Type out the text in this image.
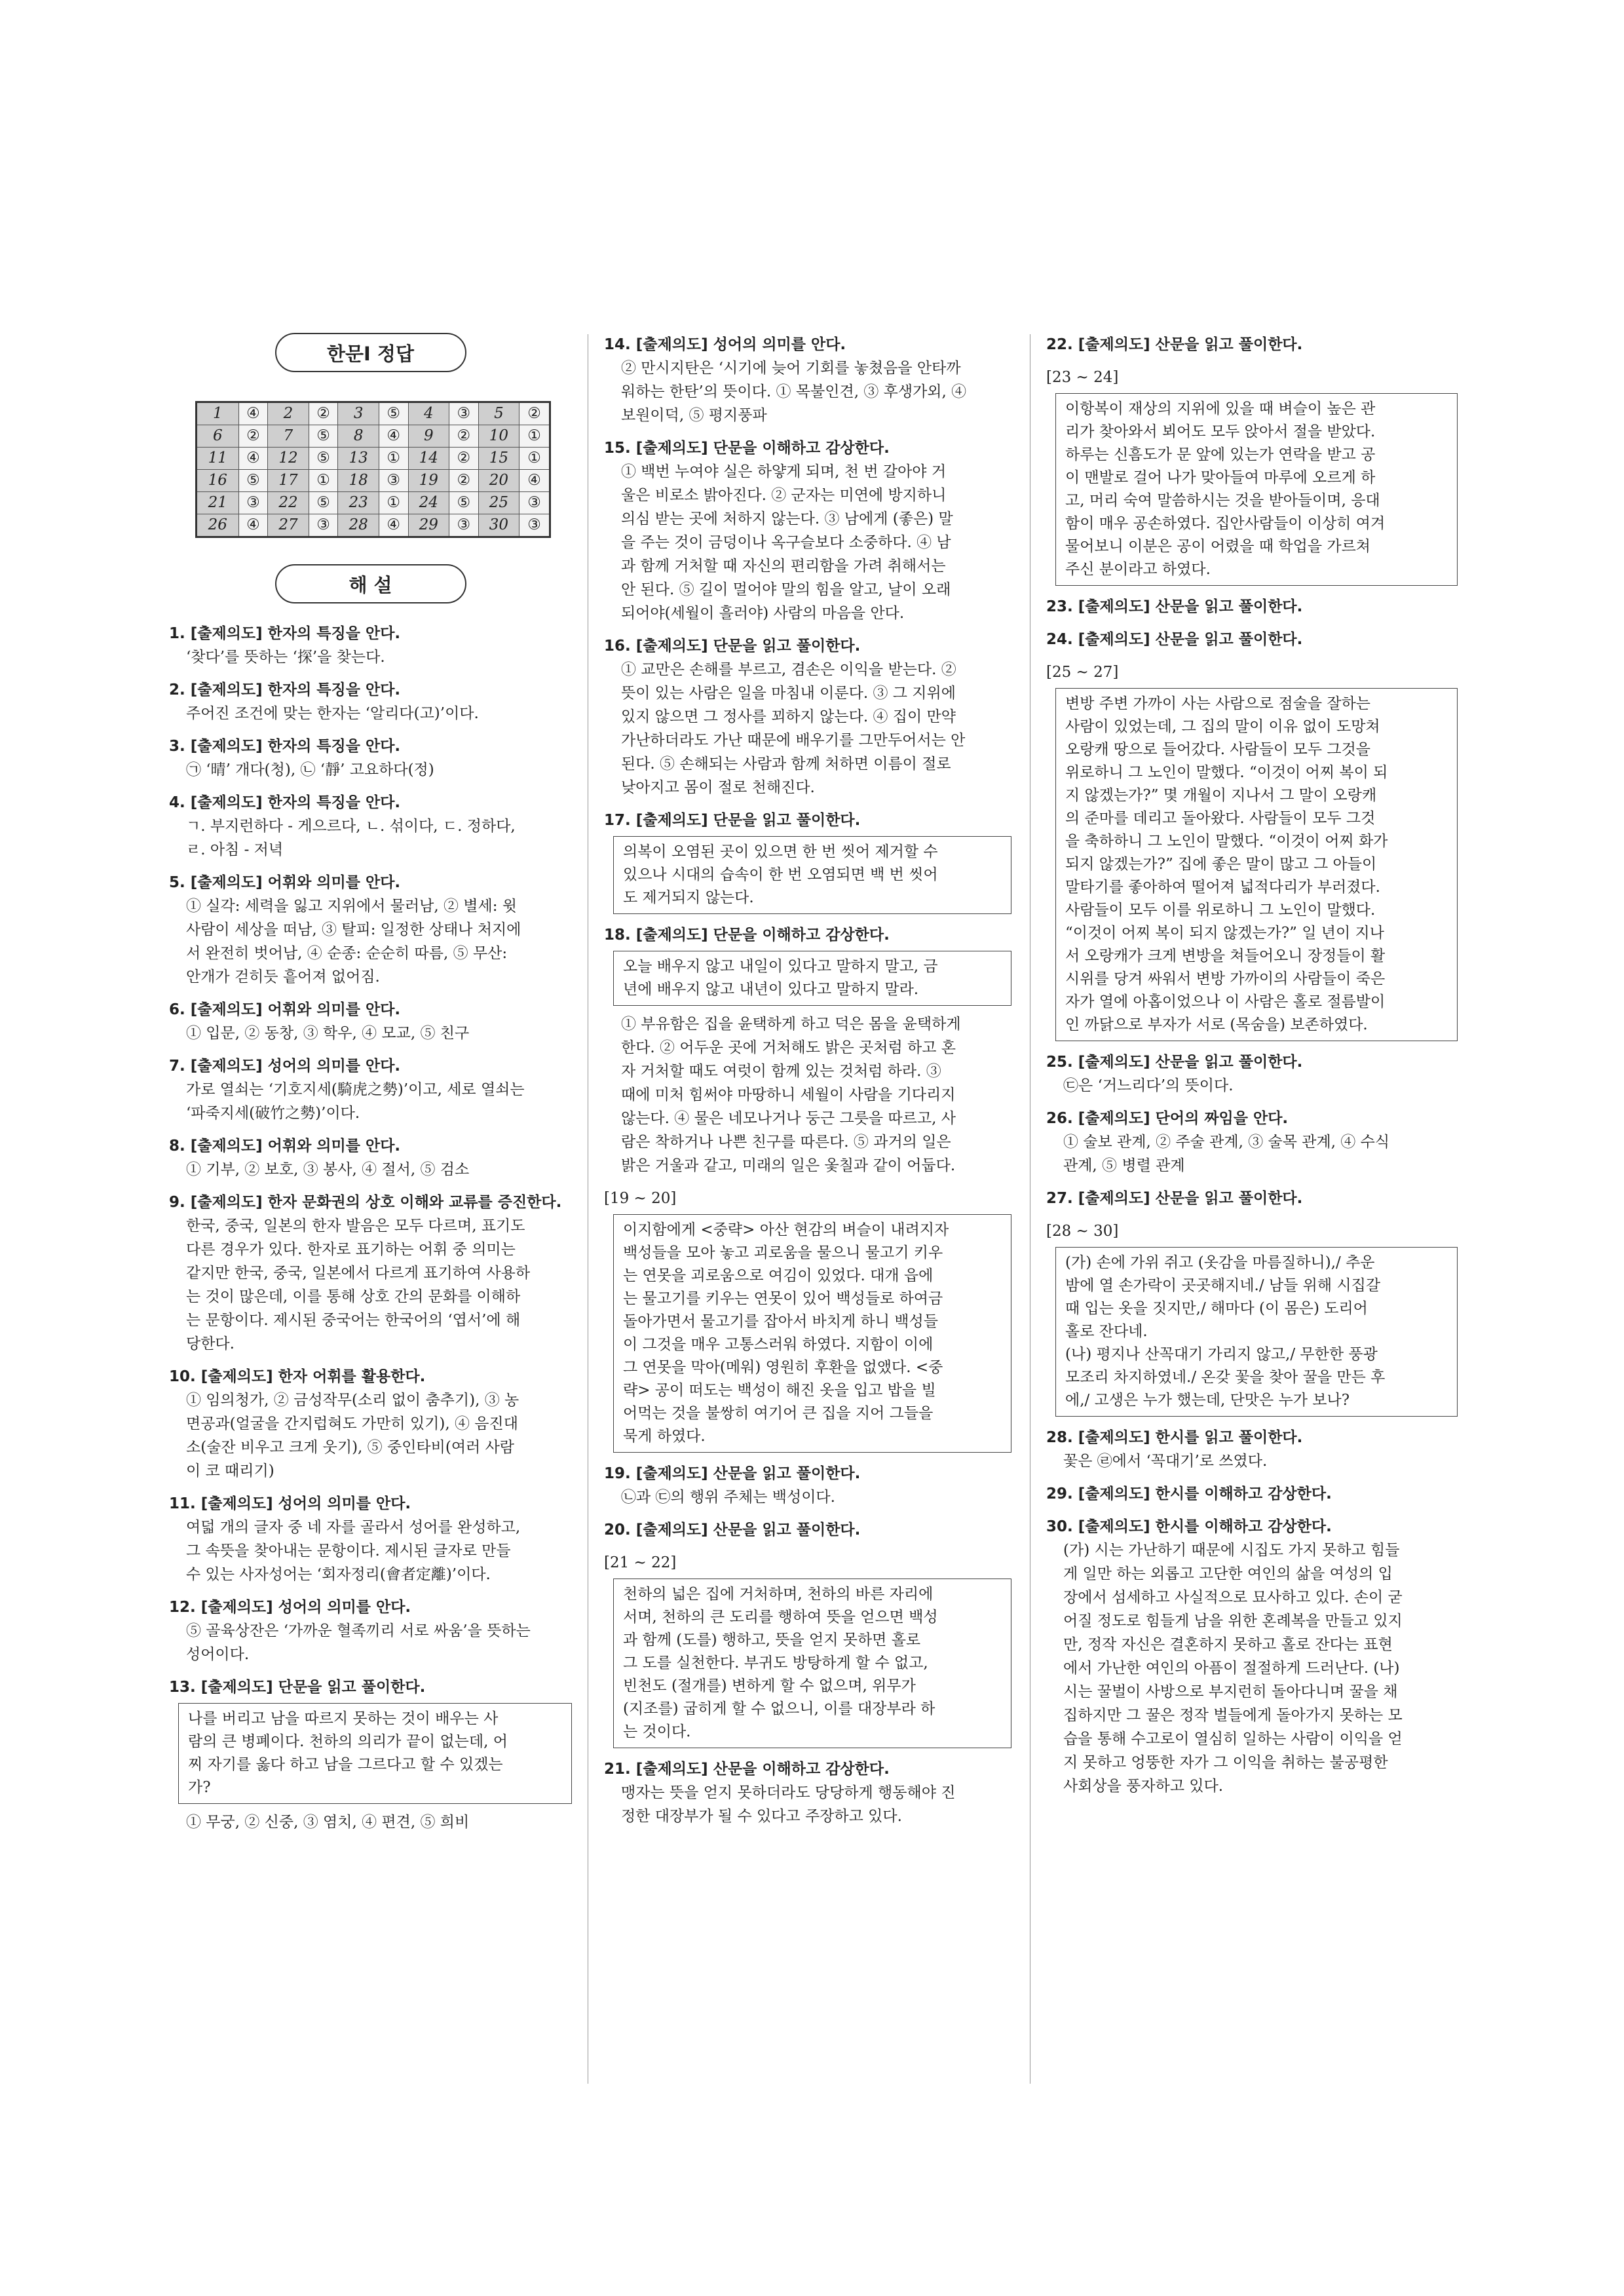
한문Ⅰ 정답
1	④	2	②	3	⑤	4	③	5	②
6	②	7	⑤	8	④	9	②	10	①
11	④	12	⑤	13	①	14	②	15	①
16	⑤	17	①	18	③	19	②	20	④
21	③	22	⑤	23	①	24	⑤	25	③
26	④	27	③	28	④	29	③	30	③
해 설
1. [출제의도] 한자의 특징을 안다.
‘찾다’를 뜻하는 ‘探’을 찾는다.
2. [출제의도] 한자의 특징을 안다.
주어진 조건에 맞는 한자는 ‘알리다(고)’이다.
3. [출제의도] 한자의 특징을 안다.
㉠ ‘晴’ 개다(청), ㉡ ‘靜’ 고요하다(정)
4. [출제의도] 한자의 특징을 안다.
ㄱ. 부지런하다 - 게으르다, ㄴ. 섞이다, ㄷ. 정하다,
ㄹ. 아침 - 저녁
5. [출제의도] 어휘와 의미를 안다.
① 실각: 세력을 잃고 지위에서 물러남, ② 별세: 윗
사람이 세상을 떠남, ③ 탈피: 일정한 상태나 처지에
서 완전히 벗어남, ④ 순종: 순순히 따름, ⑤ 무산:
안개가 걷히듯 흩어져 없어짐.
6. [출제의도] 어휘와 의미를 안다.
① 입문, ② 동창, ③ 학우, ④ 모교, ⑤ 친구
7. [출제의도] 성어의 의미를 안다.
가로 열쇠는 ‘기호지세(騎虎之勢)’이고, 세로 열쇠는
‘파죽지세(破竹之勢)’이다.
8. [출제의도] 어휘와 의미를 안다.
① 기부, ② 보호, ③ 봉사, ④ 절서, ⑤ 검소
9. [출제의도] 한자 문화권의 상호 이해와 교류를 증진한다.
한국, 중국, 일본의 한자 발음은 모두 다르며, 표기도
다른 경우가 있다. 한자로 표기하는 어휘 중 의미는
같지만 한국, 중국, 일본에서 다르게 표기하여 사용하
는 것이 많은데, 이를 통해 상호 간의 문화를 이해하
는 문항이다. 제시된 중국어는 한국어의 ‘엽서’에 해
당한다.
10. [출제의도] 한자 어휘를 활용한다.
① 임의청가, ② 금성작무(소리 없이 춤추기), ③ 농
면공과(얼굴을 간지럽혀도 가만히 있기), ④ 음진대
소(술잔 비우고 크게 웃기), ⑤ 중인타비(여러 사람
이 코 때리기)
11. [출제의도] 성어의 의미를 안다.
여덟 개의 글자 중 네 자를 골라서 성어를 완성하고,
그 속뜻을 찾아내는 문항이다. 제시된 글자로 만들
수 있는 사자성어는 ‘회자정리(會者定離)’이다.
12. [출제의도] 성어의 의미를 안다.
⑤ 골육상잔은 ‘가까운 혈족끼리 서로 싸움’을 뜻하는
성어이다.
13. [출제의도] 단문을 읽고 풀이한다.
나를 버리고 남을 따르지 못하는 것이 배우는 사
람의 큰 병폐이다. 천하의 의리가 끝이 없는데, 어
찌 자기를 옳다 하고 남을 그르다고 할 수 있겠는
가?
① 무궁, ② 신중, ③ 염치, ④ 편견, ⑤ 희비
14. [출제의도] 성어의 의미를 안다.
② 만시지탄은 ‘시기에 늦어 기회를 놓쳤음을 안타까
워하는 한탄’의 뜻이다. ① 목불인견, ③ 후생가외, ④
보원이덕, ⑤ 평지풍파
15. [출제의도] 단문을 이해하고 감상한다.
① 백번 누여야 실은 하얗게 되며, 천 번 갈아야 거
울은 비로소 밝아진다. ② 군자는 미연에 방지하니
의심 받는 곳에 처하지 않는다. ③ 남에게 (좋은) 말
을 주는 것이 금덩이나 옥구슬보다 소중하다. ④ 남
과 함께 거처할 때 자신의 편리함을 가려 취해서는
안 된다. ⑤ 길이 멀어야 말의 힘을 알고, 날이 오래
되어야(세월이 흘러야) 사람의 마음을 안다.
16. [출제의도] 단문을 읽고 풀이한다.
① 교만은 손해를 부르고, 겸손은 이익을 받는다. ②
뜻이 있는 사람은 일을 마침내 이룬다. ③ 그 지위에
있지 않으면 그 정사를 꾀하지 않는다. ④ 집이 만약
가난하더라도 가난 때문에 배우기를 그만두어서는 안
된다. ⑤ 손해되는 사람과 함께 처하면 이름이 절로
낮아지고 몸이 절로 천해진다.
17. [출제의도] 단문을 읽고 풀이한다.
의복이 오염된 곳이 있으면 한 번 씻어 제거할 수
있으나 시대의 습속이 한 번 오염되면 백 번 씻어
도 제거되지 않는다.
18. [출제의도] 단문을 이해하고 감상한다.
오늘 배우지 않고 내일이 있다고 말하지 말고, 금
년에 배우지 않고 내년이 있다고 말하지 말라.
① 부유함은 집을 윤택하게 하고 덕은 몸을 윤택하게
한다. ② 어두운 곳에 거처해도 밝은 곳처럼 하고 혼
자 거처할 때도 여럿이 함께 있는 것처럼 하라. ③
때에 미처 힘써야 마땅하니 세월이 사람을 기다리지
않는다. ④ 물은 네모나거나 둥근 그릇을 따르고, 사
람은 착하거나 나쁜 친구를 따른다. ⑤ 과거의 일은
밝은 거울과 같고, 미래의 일은 옻칠과 같이 어둡다.
[19 ~ 20]
이지함에게 <중략> 아산 현감의 벼슬이 내려지자
백성들을 모아 놓고 괴로움을 물으니 물고기 키우
는 연못을 괴로움으로 여김이 있었다. 대개 읍에
는 물고기를 키우는 연못이 있어 백성들로 하여금
돌아가면서 물고기를 잡아서 바치게 하니 백성들
이 그것을 매우 고통스러워 하였다. 지함이 이에
그 연못을 막아(메워) 영원히 후환을 없앴다. <중
략> 공이 떠도는 백성이 해진 옷을 입고 밥을 빌
어먹는 것을 불쌍히 여기어 큰 집을 지어 그들을
묵게 하였다.
19. [출제의도] 산문을 읽고 풀이한다.
㉡과 ㉢의 행위 주체는 백성이다.
20. [출제의도] 산문을 읽고 풀이한다.
[21 ~ 22]
천하의 넓은 집에 거처하며, 천하의 바른 자리에
서며, 천하의 큰 도리를 행하여 뜻을 얻으면 백성
과 함께 (도를) 행하고, 뜻을 얻지 못하면 홀로
그 도를 실천한다. 부귀도 방탕하게 할 수 없고,
빈천도 (절개를) 변하게 할 수 없으며, 위무가
(지조를) 굽히게 할 수 없으니, 이를 대장부라 하
는 것이다.
21. [출제의도] 산문을 이해하고 감상한다.
맹자는 뜻을 얻지 못하더라도 당당하게 행동해야 진
정한 대장부가 될 수 있다고 주장하고 있다.
22. [출제의도] 산문을 읽고 풀이한다.
[23 ~ 24]
이항복이 재상의 지위에 있을 때 벼슬이 높은 관
리가 찾아와서 뵈어도 모두 앉아서 절을 받았다.
하루는 신흠도가 문 앞에 있는가 연락을 받고 공
이 맨발로 걸어 나가 맞아들여 마루에 오르게 하
고, 머리 숙여 말씀하시는 것을 받아들이며, 응대
함이 매우 공손하였다. 집안사람들이 이상히 여겨
물어보니 이분은 공이 어렸을 때 학업을 가르쳐
주신 분이라고 하였다.
23. [출제의도] 산문을 읽고 풀이한다.
24. [출제의도] 산문을 읽고 풀이한다.
[25 ~ 27]
변방 주변 가까이 사는 사람으로 점술을 잘하는
사람이 있었는데, 그 집의 말이 이유 없이 도망쳐
오랑캐 땅으로 들어갔다. 사람들이 모두 그것을
위로하니 그 노인이 말했다. “이것이 어찌 복이 되
지 않겠는가?” 몇 개월이 지나서 그 말이 오랑캐
의 준마를 데리고 돌아왔다. 사람들이 모두 그것
을 축하하니 그 노인이 말했다. “이것이 어찌 화가
되지 않겠는가?” 집에 좋은 말이 많고 그 아들이
말타기를 좋아하여 떨어져 넓적다리가 부러졌다.
사람들이 모두 이를 위로하니 그 노인이 말했다.
“이것이 어찌 복이 되지 않겠는가?” 일 년이 지나
서 오랑캐가 크게 변방을 쳐들어오니 장정들이 활
시위를 당겨 싸워서 변방 가까이의 사람들이 죽은
자가 열에 아홉이었으나 이 사람은 홀로 절름발이
인 까닭으로 부자가 서로 (목숨을) 보존하였다.
25. [출제의도] 산문을 읽고 풀이한다.
㉢은 ‘거느리다’의 뜻이다.
26. [출제의도] 단어의 짜임을 안다.
① 술보 관계, ② 주술 관계, ③ 술목 관계, ④ 수식
관계, ⑤ 병렬 관계
27. [출제의도] 산문을 읽고 풀이한다.
[28 ~ 30]
(가) 손에 가위 쥐고 (옷감을 마름질하니),/ 추운
밤에 열 손가락이 곳곳해지네./ 남들 위해 시집갈
때 입는 옷을 짓지만,/ 해마다 (이 몸은) 도리어
홀로 잔다네.
(나) 평지나 산꼭대기 가리지 않고,/ 무한한 풍광
모조리 차지하였네./ 온갖 꽃을 찾아 꿀을 만든 후
에,/ 고생은 누가 했는데, 단맛은 누가 보나?
28. [출제의도] 한시를 읽고 풀이한다.
꽃은 ㉣에서 ‘꼭대기’로 쓰였다.
29. [출제의도] 한시를 이해하고 감상한다.
30. [출제의도] 한시를 이해하고 감상한다.
(가) 시는 가난하기 때문에 시집도 가지 못하고 힘들
게 일만 하는 외롭고 고단한 여인의 삶을 여성의 입
장에서 섬세하고 사실적으로 묘사하고 있다. 손이 굳
어질 정도로 힘들게 남을 위한 혼례복을 만들고 있지
만, 정작 자신은 결혼하지 못하고 홀로 잔다는 표현
에서 가난한 여인의 아픔이 절절하게 드러난다. (나)
시는 꿀벌이 사방으로 부지런히 돌아다니며 꿀을 채
집하지만 그 꿀은 정작 벌들에게 돌아가지 못하는 모
습을 통해 수고로이 열심히 일하는 사람이 이익을 얻
지 못하고 엉뚱한 자가 그 이익을 취하는 불공평한
사회상을 풍자하고 있다.
